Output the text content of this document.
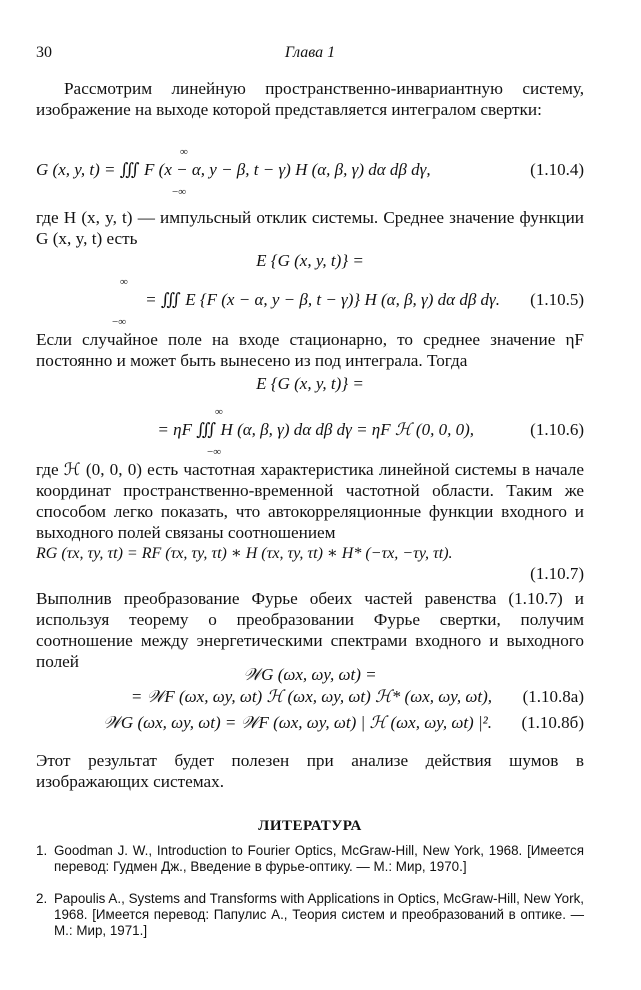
30	Глава 1
Рассмотрим линейную пространственно-инвариантную систему, изображение на выходе которой представляется интегралом свертки:
∞
G (x, y, t) = ∭ F (x − α, y − β, t − γ) H (α, β, γ) dα dβ dγ,
−∞
(1.10.4)
где H (x, y, t) — импульсный отклик системы. Среднее значение функции G (x, y, t) есть
E {G (x, y, t)} =
∞
= ∭ E {F (x − α, y − β, t − γ)} H (α, β, γ) dα dβ dγ.
−∞
(1.10.5)
Если случайное поле на входе стационарно, то среднее значение ηF постоянно и может быть вынесено из под интеграла. Тогда
E {G (x, y, t)} =
∞
= ηF ∭ H (α, β, γ) dα dβ dγ = ηF ℋ (0, 0, 0),
−∞
(1.10.6)
где ℋ (0, 0, 0) есть частотная характеристика линейной системы в начале координат пространственно-временной частотной области. Таким же способом легко показать, что автокорреляционные функции входного и выходного полей связаны соотношением
RG (τx, τy, τt) = RF (τx, τy, τt) ∗ H (τx, τy, τt) ∗ H* (−τx, −τy, τt).
(1.10.7)
Выполнив преобразование Фурье обеих частей равенства (1.10.7) и используя теорему о преобразовании Фурье свертки, получим соотношение между энергетическими спектрами входного и выходного полей
𝒲G (ωx, ωy, ωt) =
= 𝒲F (ωx, ωy, ωt) ℋ (ωx, ωy, ωt) ℋ* (ωx, ωy, ωt), (1.10.8а)
𝒲G (ωx, ωy, ωt) = 𝒲F (ωx, ωy, ωt) | ℋ (ωx, ωy, ωt) |². (1.10.8б)
Этот результат будет полезен при анализе действия шумов в изображающих системах.
ЛИТЕРАТУРА
1. Goodman J. W., Introduction to Fourier Optics, McGraw-Hill, New York, 1968. [Имеется перевод: Гудмен Дж., Введение в фурье-оптику. — М.: Мир, 1970.]
2. Papoulis A., Systems and Transforms with Applications in Optics, McGraw-Hill, New York, 1968. [Имеется перевод: Папулис А., Теория систем и преобразований в оптике. — М.: Мир, 1971.]
